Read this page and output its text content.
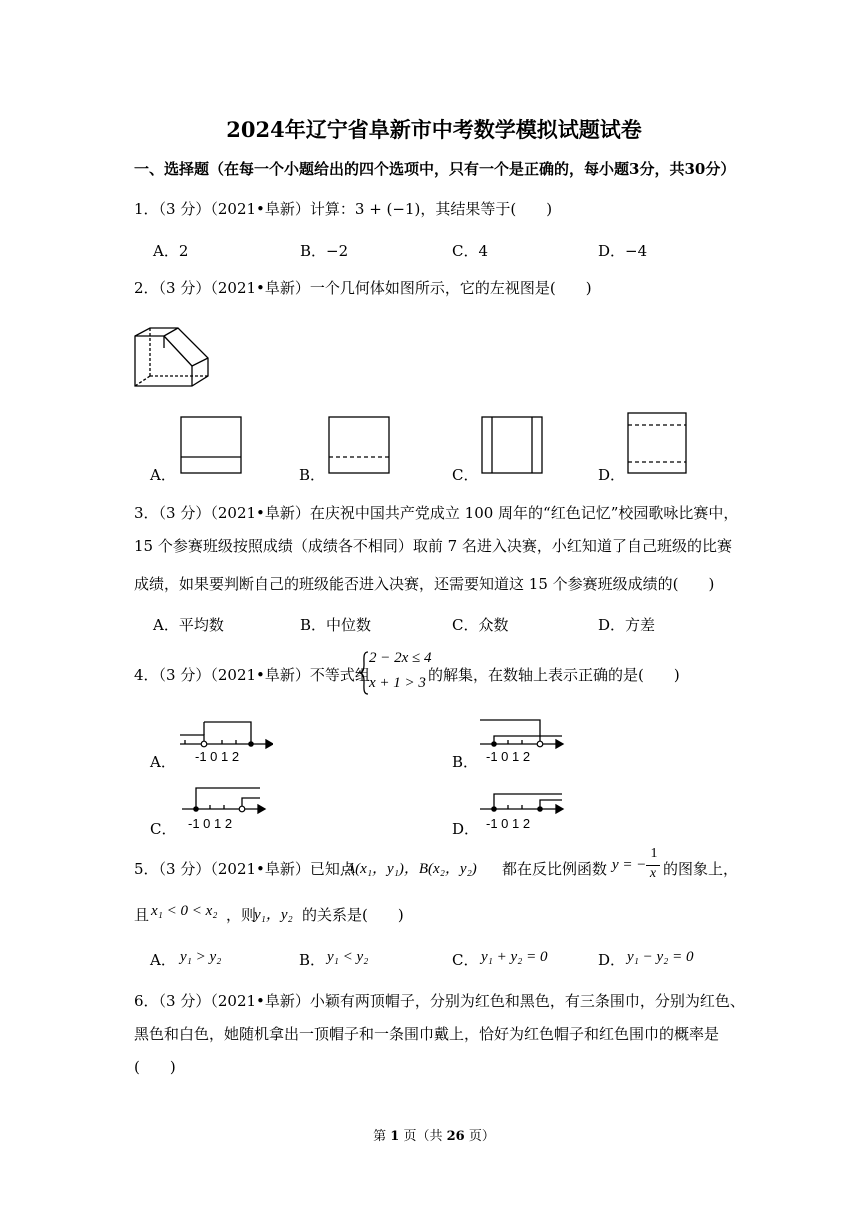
2024年辽宁省阜新市中考数学模拟试题试卷
一、选择题（在每一个小题给出的四个选项中，只有一个是正确的，每小题3分，共30分）
1．（3 分）（2021•阜新）计算：3 + (−1)，其结果等于(　　)
A．2	B．−2	C．4	D．−4
2．（3 分）（2021•阜新）一个几何体如图所示，它的左视图是(　　)
A．	B．	C．	D．
3．（3 分）（2021•阜新）在庆祝中国共产党成立 100 周年的“红色记忆”校园歌咏比赛中，
15 个参赛班级按照成绩（成绩各不相同）取前 7 名进入决赛，小红知道了自己班级的比赛
成绩，如果要判断自己的班级能否进入决赛，还需要知道这 15 个参赛班级成绩的(　　)
A．平均数	B．中位数	C．众数	D．方差
4．（3 分）（2021•阜新）不等式组
2 − 2x ≤ 4
x + 1 > 3 的解集，在数轴上表示正确的是(　　)
A． -1 0 1 2	B． -1 0 1 2
C． -1 0 1 2	D． -1 0 1 2
5．（3 分）（2021•阜新）已知点
A(x₁，y₁)，B(x₂，y₂) 都在反比例函数 y = −
1
x 的图象上，
且 x₁ < 0 < x₂ ，则
y₁，y₂ 的关系是(　　)
A． y₁ > y₂	B． y₁ < y₂	C． y₁ + y₂ = 0	D． y₁ − y₂ = 0
6．（3 分）（2021•阜新）小颖有两顶帽子，分别为红色和黑色，有三条围巾，分别为红色、
黑色和白色，她随机拿出一顶帽子和一条围巾戴上，恰好为红色帽子和红色围巾的概率是
(　　)
第 1 页（共 26 页）
